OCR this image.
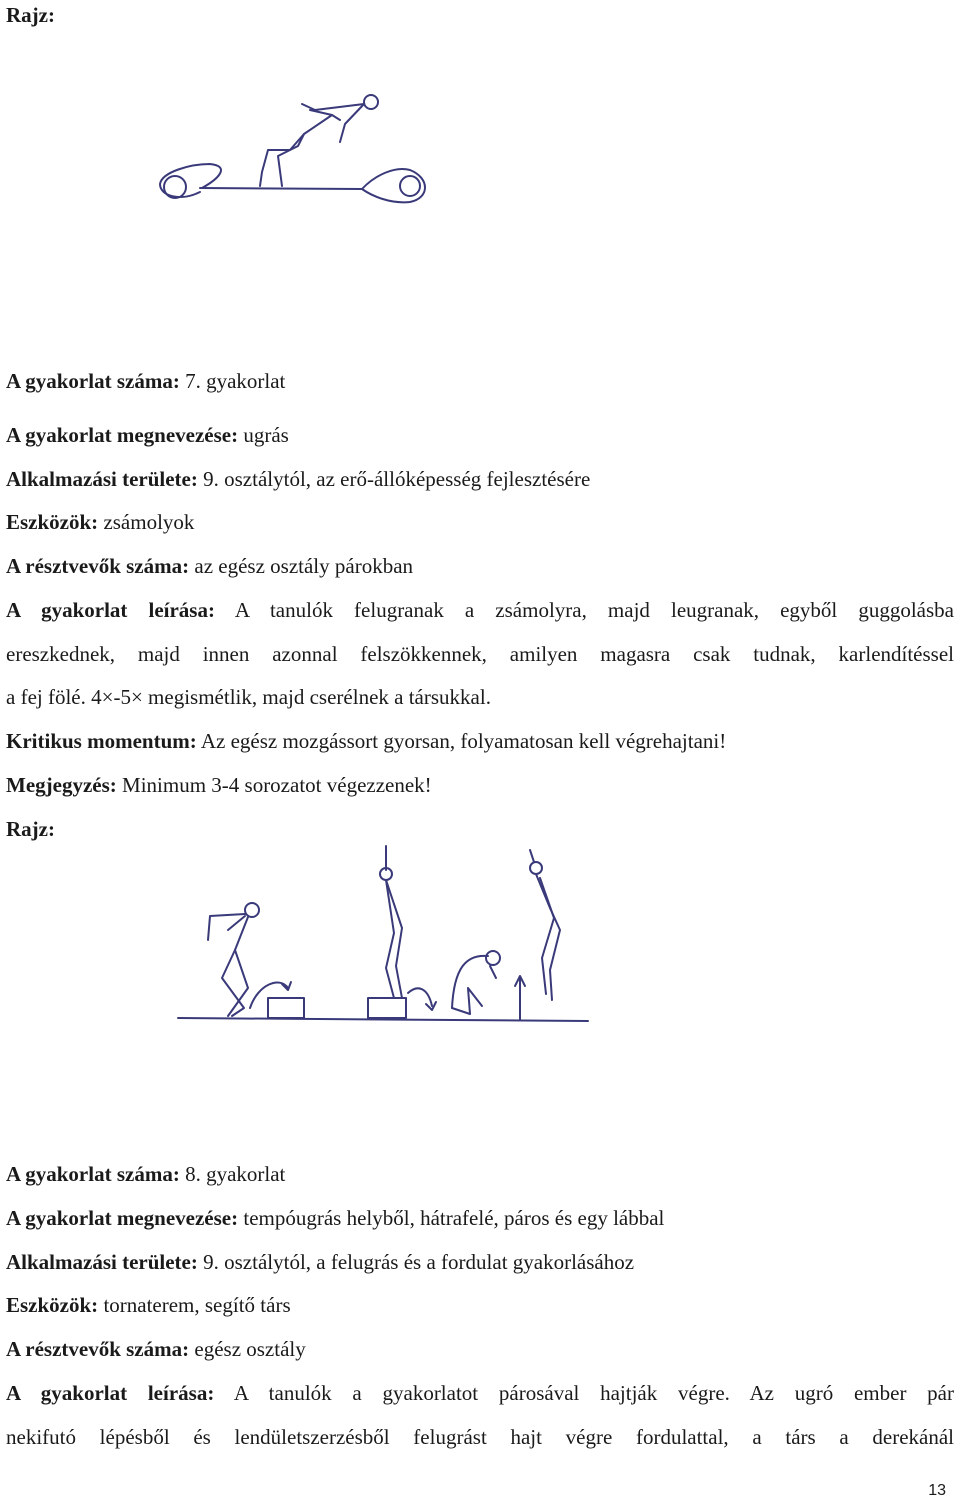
Rajz:
A gyakorlat száma: 7. gyakorlat
A gyakorlat megnevezése: ugrás
Alkalmazási területe: 9. osztálytól, az erő-állóképesség fejlesztésére
Eszközök: zsámolyok
A résztvevők száma: az egész osztály párokban
A gyakorlat leírása: A tanulók felugranak a zsámolyra, majd leugranak, egyből guggolásba
ereszkednek, majd innen azonnal felszökkennek, amilyen magasra csak tudnak, karlendítéssel
a fej fölé. 4×-5× megismétlik, majd cserélnek a társukkal.
Kritikus momentum: Az egész mozgássort gyorsan, folyamatosan kell végrehajtani!
Megjegyzés: Minimum 3-4 sorozatot végezzenek!
Rajz:
A gyakorlat száma: 8. gyakorlat
A gyakorlat megnevezése: tempóugrás helyből, hátrafelé, páros és egy lábbal
Alkalmazási területe: 9. osztálytól, a felugrás és a fordulat gyakorlásához
Eszközök: tornaterem, segítő társ
A résztvevők száma: egész osztály
A gyakorlat leírása: A tanulók a gyakorlatot párosával hajtják végre. Az ugró ember pár
nekifutó lépésből és lendületszerzésből felugrást hajt végre fordulattal, a társ a derekánál
13
